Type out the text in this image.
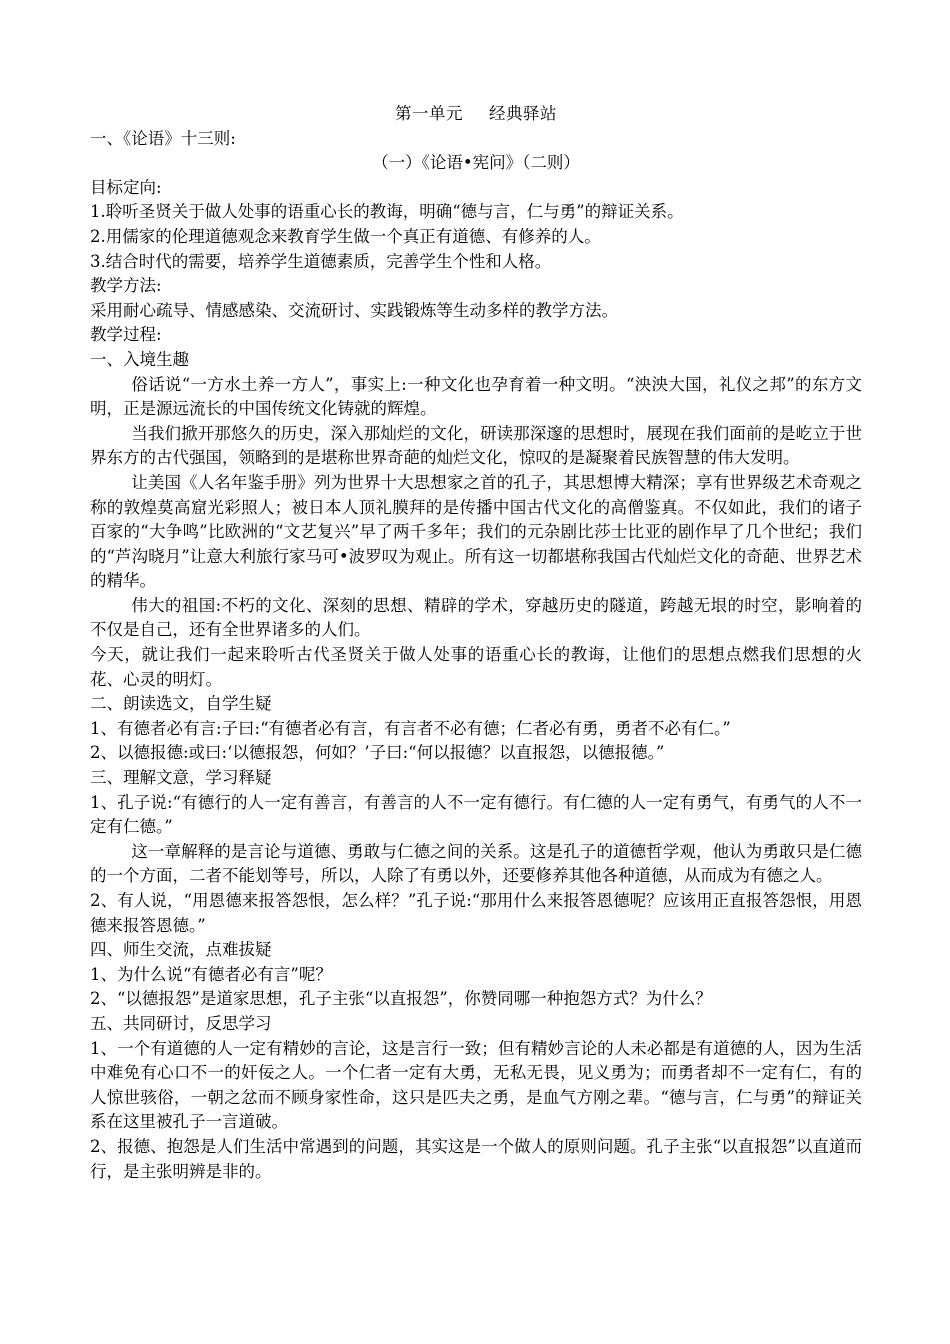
第一单元 经典驿站
一、《论语》十三则:
（一）《论语•宪问》（二则）
目标定向:
1.聆听圣贤关于做人处事的语重心长的教诲，明确“德与言，仁与勇”的辩证关系。
2.用儒家的伦理道德观念来教育学生做一个真正有道德、有修养的人。
3.结合时代的需要，培养学生道德素质，完善学生个性和人格。
教学方法:
采用耐心疏导、情感感染、交流研讨、实践锻炼等生动多样的教学方法。
教学过程:
一、入境生趣
俗话说“一方水土养一方人”，事实上:一种文化也孕育着一种文明。“泱泱大国，礼仪之邦”的东方文明，正是源远流长的中国传统文化铸就的辉煌。
当我们掀开那悠久的历史，深入那灿烂的文化，研读那深邃的思想时，展现在我们面前的是屹立于世界东方的古代强国，领略到的是堪称世界奇葩的灿烂文化，惊叹的是凝聚着民族智慧的伟大发明。
让美国《人名年鉴手册》列为世界十大思想家之首的孔子，其思想博大精深；享有世界级艺术奇观之称的敦煌莫高窟光彩照人；被日本人顶礼膜拜的是传播中国古代文化的高僧鉴真。不仅如此，我们的诸子百家的“大争鸣”比欧洲的“文艺复兴”早了两千多年；我们的元杂剧比莎士比亚的剧作早了几个世纪；我们的“芦沟晓月”让意大利旅行家马可•波罗叹为观止。所有这一切都堪称我国古代灿烂文化的奇葩、世界艺术的精华。
伟大的祖国:不朽的文化、深刻的思想、精辟的学术，穿越历史的隧道，跨越无垠的时空，影响着的不仅是自己，还有全世界诸多的人们。
今天，就让我们一起来聆听古代圣贤关于做人处事的语重心长的教诲，让他们的思想点燃我们思想的火花、心灵的明灯。
二、朗读选文，自学生疑
1、有德者必有言:子曰:“有德者必有言，有言者不必有德；仁者必有勇，勇者不必有仁。”
2、以德报德:或曰:‘以德报怨，何如？’子曰:“何以报德？以直报怨，以德报德。”
三、理解文意，学习释疑
1、孔子说:“有德行的人一定有善言，有善言的人不一定有德行。有仁德的人一定有勇气，有勇气的人不一定有仁德。”
这一章解释的是言论与道德、勇敢与仁德之间的关系。这是孔子的道德哲学观，他认为勇敢只是仁德的一个方面，二者不能划等号，所以，人除了有勇以外，还要修养其他各种道德，从而成为有德之人。
2、有人说，“用恩德来报答怨恨，怎么样？”孔子说:“那用什么来报答恩德呢？应该用正直报答怨恨，用恩德来报答恩德。”
四、师生交流，点难拔疑
1、为什么说“有德者必有言”呢？
2、“以德报怨”是道家思想，孔子主张“以直报怨”，你赞同哪一种抱怨方式？为什么？
五、共同研讨，反思学习
1、一个有道德的人一定有精妙的言论，这是言行一致；但有精妙言论的人未必都是有道德的人，因为生活中难免有心口不一的奸佞之人。一个仁者一定有大勇，无私无畏，见义勇为；而勇者却不一定有仁，有的人惊世骇俗，一朝之忿而不顾身家性命，这只是匹夫之勇，是血气方刚之辈。“德与言，仁与勇”的辩证关系在这里被孔子一言道破。
2、报德、抱怨是人们生活中常遇到的问题，其实这是一个做人的原则问题。孔子主张“以直报怨”以直道而行，是主张明辨是非的。
